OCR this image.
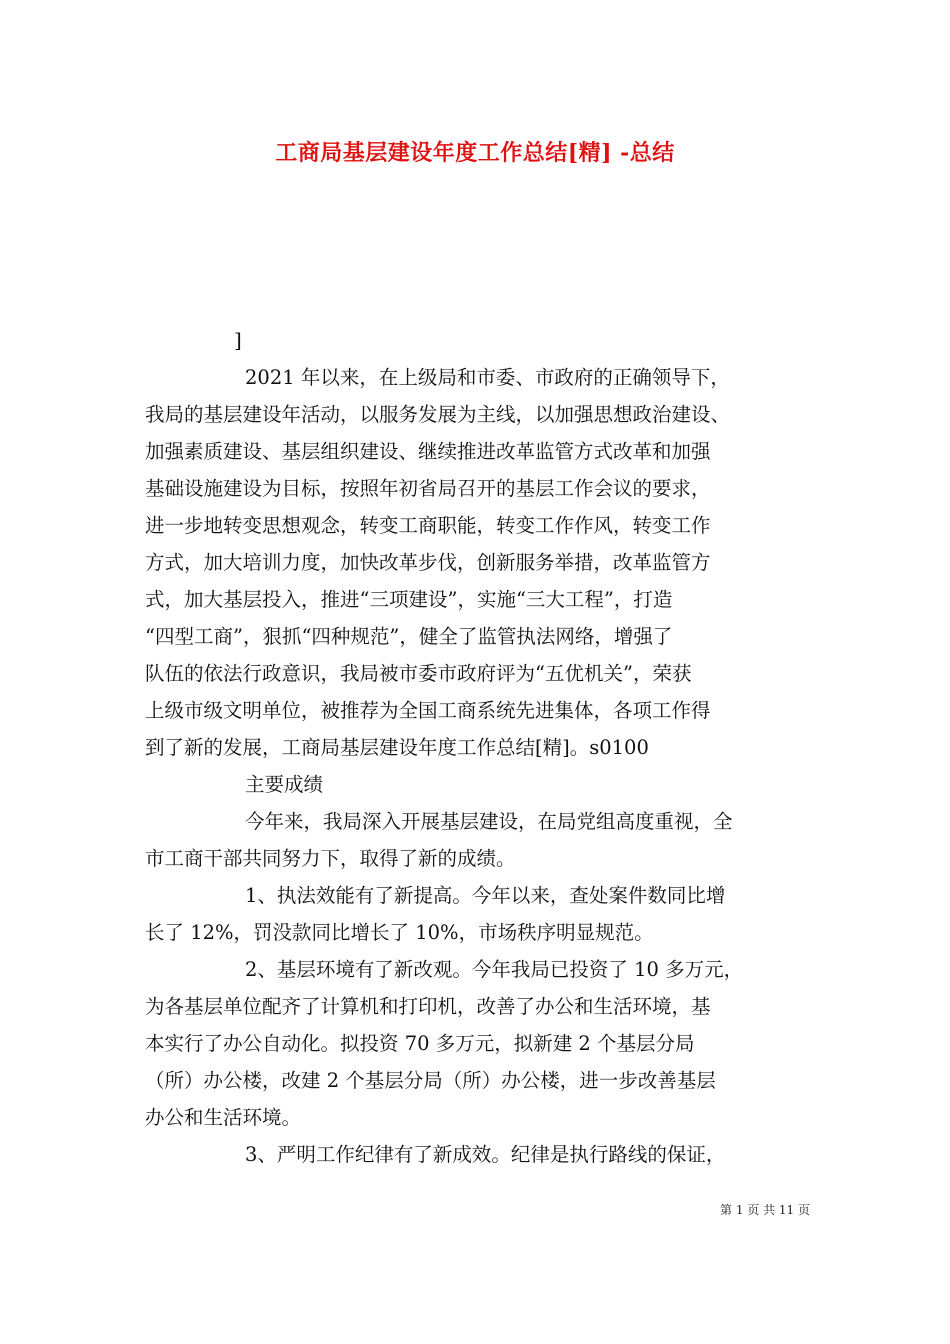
工商局基层建设年度工作总结[精] -总结
]
2021 年以来，在上级局和市委、市政府的正确领导下，
我局的基层建设年活动，以服务发展为主线，以加强思想政治建设、
加强素质建设、基层组织建设、继续推进改革监管方式改革和加强
基础设施建设为目标，按照年初省局召开的基层工作会议的要求，
进一步地转变思想观念，转变工商职能，转变工作作风，转变工作
方式，加大培训力度，加快改革步伐，创新服务举措，改革监管方
式，加大基层投入，推进“三项建设”，实施“三大工程”，打造
“四型工商”，狠抓“四种规范”，健全了监管执法网络，增强了
队伍的依法行政意识，我局被市委市政府评为“五优机关”，荣获
上级市级文明单位，被推荐为全国工商系统先进集体，各项工作得
到了新的发展，工商局基层建设年度工作总结[精]。s0100
主要成绩
今年来，我局深入开展基层建设，在局党组高度重视，全
市工商干部共同努力下，取得了新的成绩。
1、执法效能有了新提高。今年以来，查处案件数同比增
长了 12%，罚没款同比增长了 10%，市场秩序明显规范。
2、基层环境有了新改观。今年我局已投资了 10 多万元，
为各基层单位配齐了计算机和打印机，改善了办公和生活环境，基
本实行了办公自动化。拟投资 70 多万元，拟新建 2 个基层分局
（所）办公楼，改建 2 个基层分局（所）办公楼，进一步改善基层
办公和生活环境。
3、严明工作纪律有了新成效。纪律是执行路线的保证，
第 1 页 共 11 页
